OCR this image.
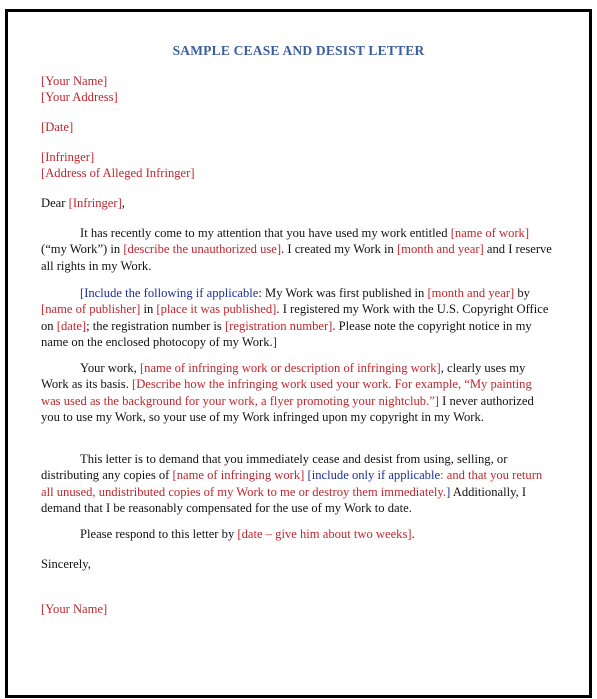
SAMPLE CEASE AND DESIST LETTER
[Your Name]
[Your Address]
[Date]
[Infringer]
[Address of Alleged Infringer]
Dear [Infringer],
It has recently come to my attention that you have used my work entitled [name of work] (“my Work”) in [describe the unauthorized use]. I created my Work in [month and year] and I reserve all rights in my Work.
[Include the following if applicable: My Work was first published in [month and year] by [name of publisher] in [place it was published]. I registered my Work with the U.S. Copyright Office on [date]; the registration number is [registration number]. Please note the copyright notice in my name on the enclosed photocopy of my Work.]
Your work, [name of infringing work or description of infringing work], clearly uses my Work as its basis. [Describe how the infringing work used your work. For example, “My painting was used as the background for your work, a flyer promoting your nightclub.”] I never authorized you to use my Work, so your use of my Work infringed upon my copyright in my Work.
This letter is to demand that you immediately cease and desist from using, selling, or distributing any copies of [name of infringing work] [include only if applicable: and that you return all unused, undistributed copies of my Work to me or destroy them immediately.] Additionally, I demand that I be reasonably compensated for the use of my Work to date.
Please respond to this letter by [date – give him about two weeks].
Sincerely,
[Your Name]
